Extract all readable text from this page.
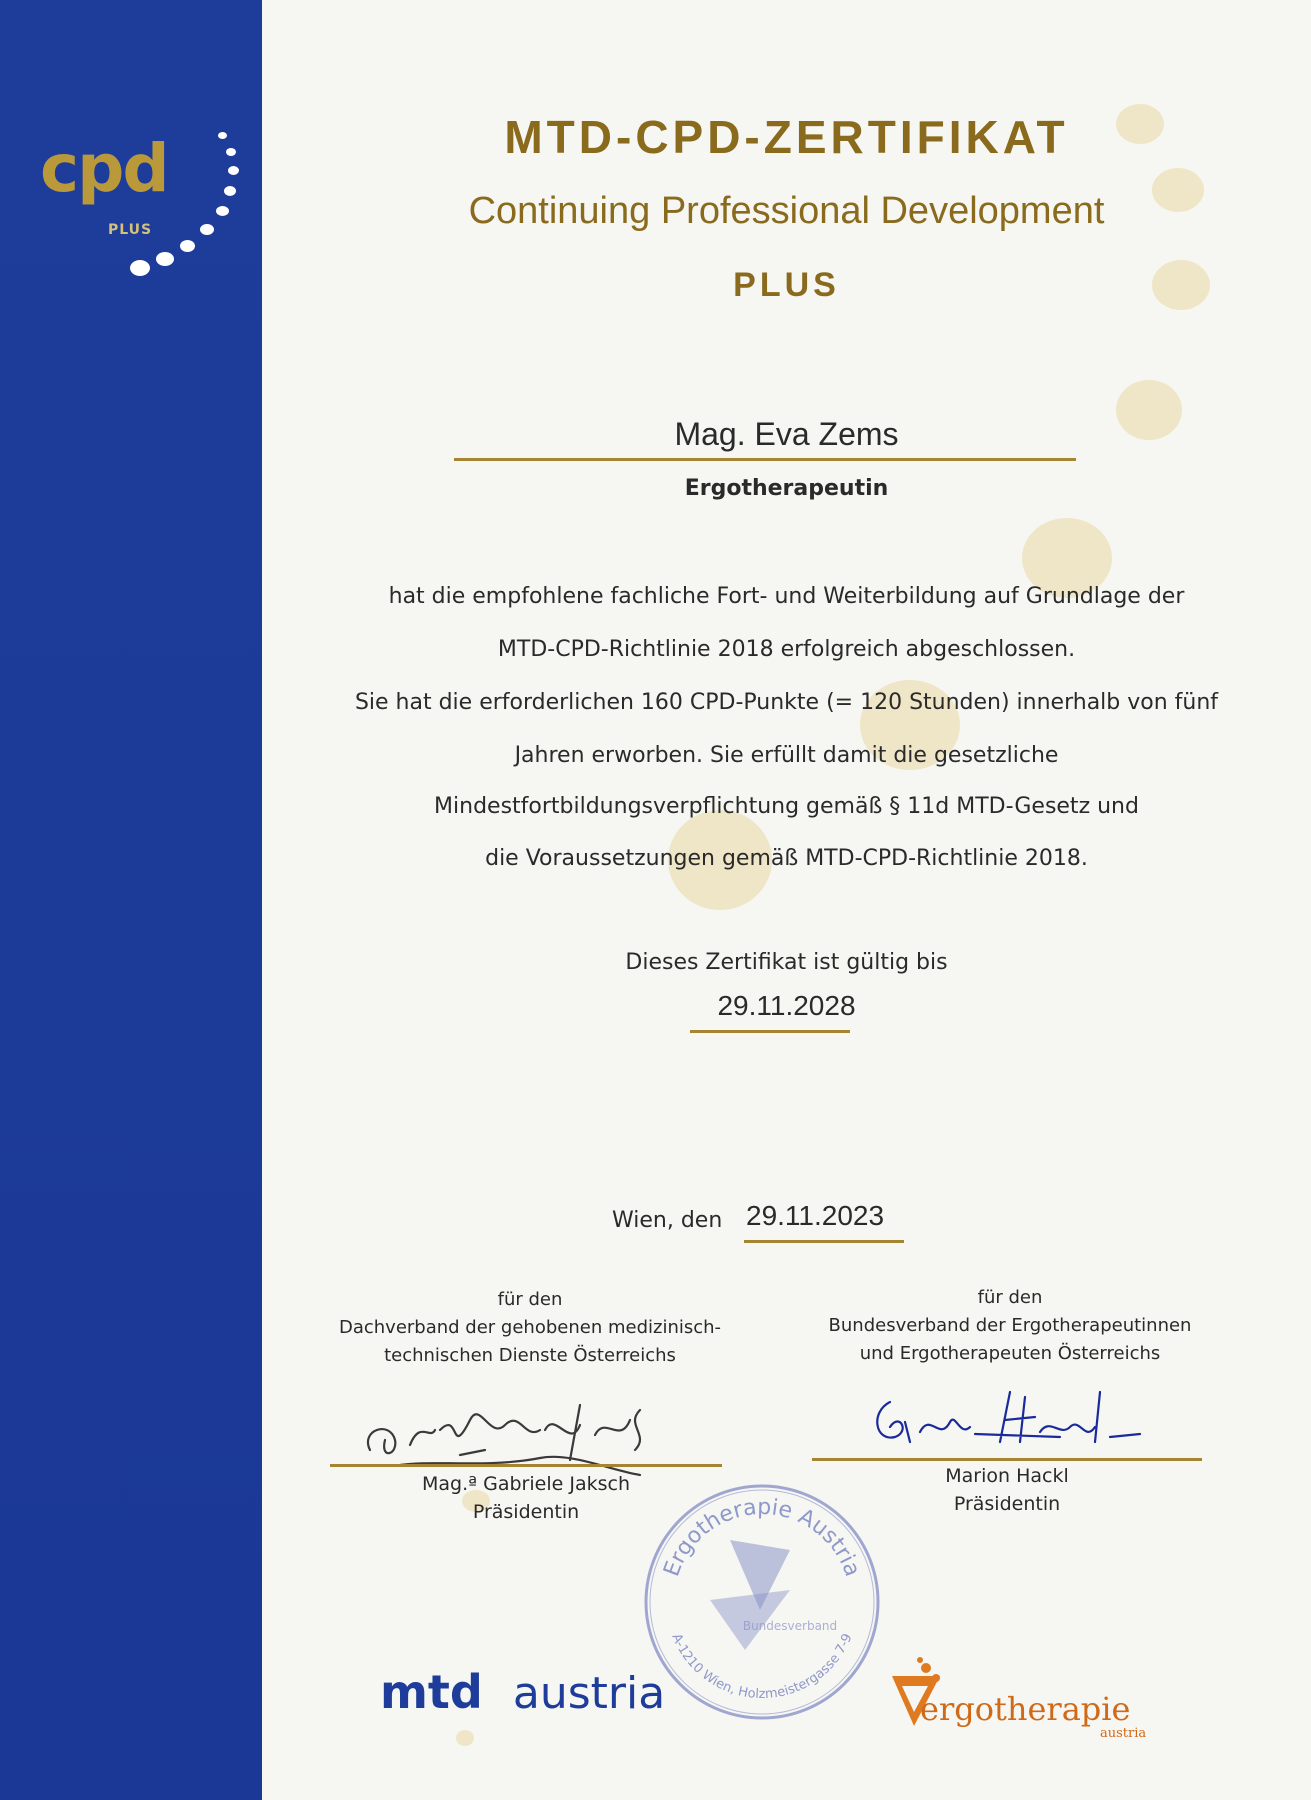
cpd
PLUS
MTD-CPD-ZERTIFIKAT
Continuing Professional Development
PLUS
Mag. Eva Zems
Ergotherapeutin
hat die empfohlene fachliche Fort- und Weiterbildung auf Grundlage der
MTD-CPD-Richtlinie 2018 erfolgreich abgeschlossen.
Sie hat die erforderlichen 160 CPD-Punkte (= 120 Stunden) innerhalb von fünf
Jahren erworben. Sie erfüllt damit die gesetzliche
Mindestfortbildungsverpflichtung gemäß § 11d MTD-Gesetz und
die Voraussetzungen gemäß MTD-CPD-Richtlinie 2018.
Dieses Zertifikat ist gültig bis
29.11.2028
Wien, den 29.11.2023
für den
Dachverband der gehobenen medizinisch-
technischen Dienste Österreichs
Mag.ª Gabriele Jaksch
Präsidentin
für den
Bundesverband der Ergotherapeutinnen
und Ergotherapeuten Österreichs
Marion Hackl
Präsidentin
Ergotherapie Austria
A-1210 Wien, Holzmeistergasse 7-9
Bundesverband
mtd austria	ergotherapie
austria
